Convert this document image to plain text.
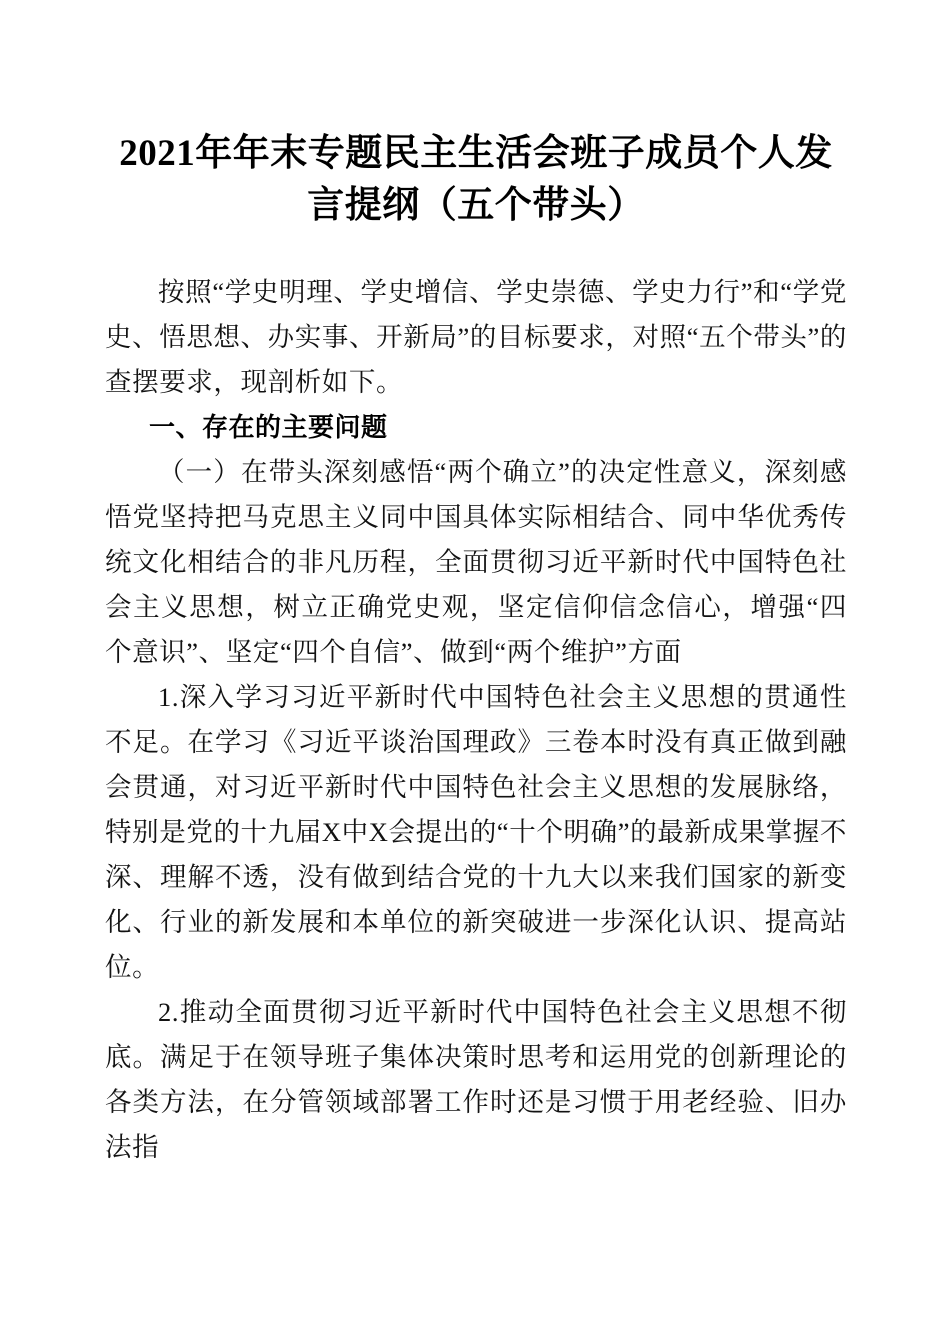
2021年年末专题民主生活会班子成员个人发言提纲（五个带头）

按照“学史明理、学史增信、学史崇德、学史力行”和“学党史、悟思想、办实事、开新局”的目标要求，对照“五个带头”的查摆要求，现剖析如下。

一、存在的主要问题

（一）在带头深刻感悟“两个确立”的决定性意义，深刻感悟党坚持把马克思主义同中国具体实际相结合、同中华优秀传统文化相结合的非凡历程，全面贯彻习近平新时代中国特色社会主义思想，树立正确党史观，坚定信仰信念信心，增强“四个意识”、坚定“四个自信”、做到“两个维护”方面

1.深入学习习近平新时代中国特色社会主义思想的贯通性不足。在学习《习近平谈治国理政》三卷本时没有真正做到融会贯通，对习近平新时代中国特色社会主义思想的发展脉络，特别是党的十九届X中X会提出的“十个明确”的最新成果掌握不深、理解不透，没有做到结合党的十九大以来我们国家的新变化、行业的新发展和本单位的新突破进一步深化认识、提高站位。

2.推动全面贯彻习近平新时代中国特色社会主义思想不彻底。满足于在领导班子集体决策时思考和运用党的创新理论的各类方法，在分管领域部署工作时还是习惯于用老经验、旧办法指
